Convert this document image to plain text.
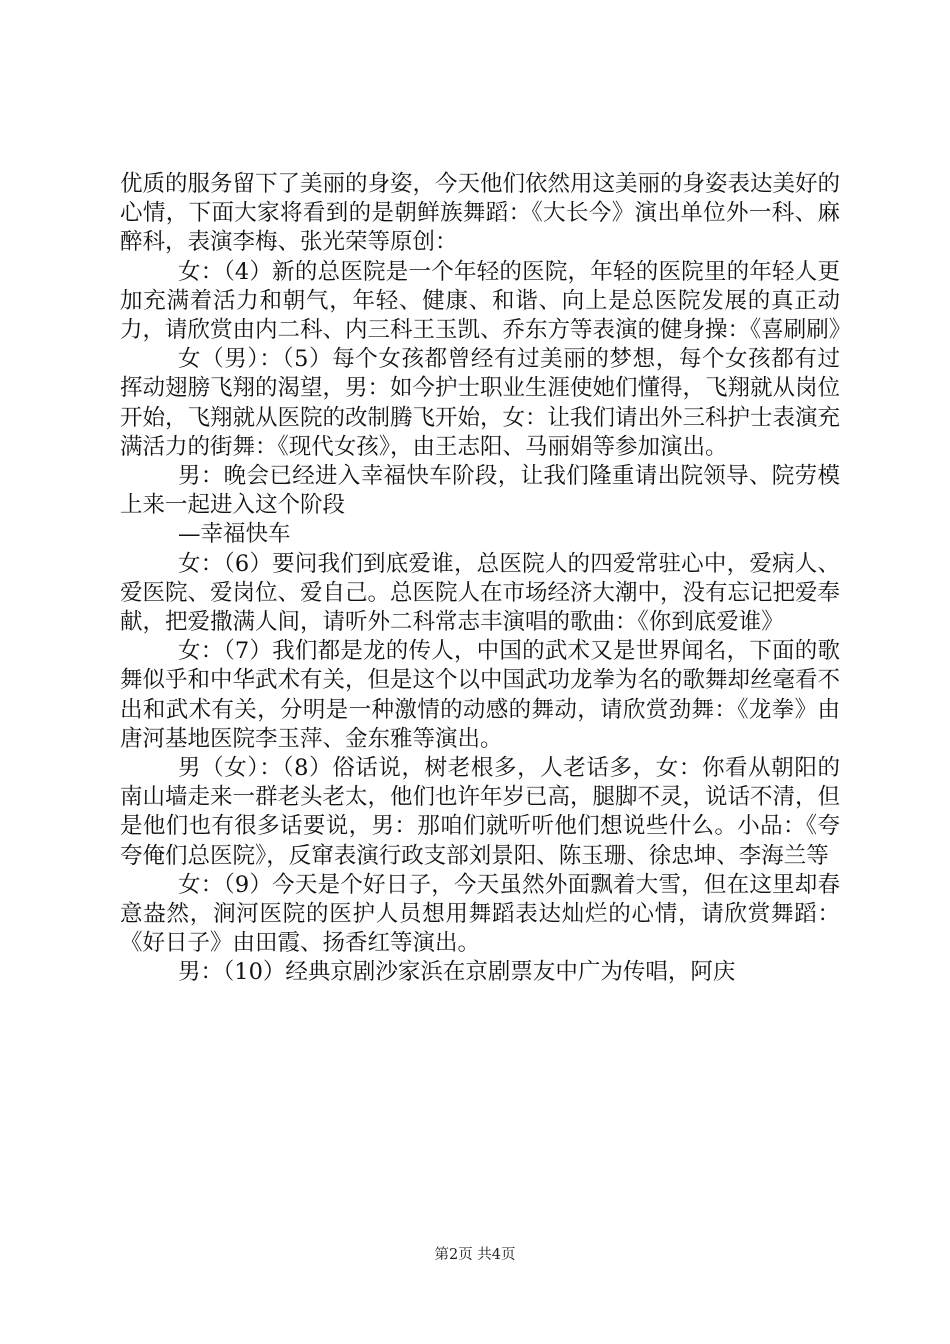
优质的服务留下了美丽的身姿，今天他们依然用这美丽的身姿表达美好的心情，下面大家将看到的是朝鲜族舞蹈：《大长今》演出单位外一科、麻醉科，表演李梅、张光荣等原创：

女：（4）新的总医院是一个年轻的医院，年轻的医院里的年轻人更加充满着活力和朝气，年轻、健康、和谐、向上是总医院发展的真正动力，请欣赏由内二科、内三科王玉凯、乔东方等表演的健身操：《喜刷刷》

女（男）：（5）每个女孩都曾经有过美丽的梦想，每个女孩都有过挥动翅膀飞翔的渴望，男：如今护士职业生涯使她们懂得，飞翔就从岗位开始，飞翔就从医院的改制腾飞开始，女：让我们请出外三科护士表演充满活力的街舞：《现代女孩》，由王志阳、马丽娟等参加演出。

男：晚会已经进入幸福快车阶段，让我们隆重请出院领导、院劳模上来一起进入这个阶段

—幸福快车

女：（6）要问我们到底爱谁，总医院人的四爱常驻心中，爱病人、爱医院、爱岗位、爱自己。总医院人在市场经济大潮中，没有忘记把爱奉献，把爱撒满人间，请听外二科常志丰演唱的歌曲：《你到底爱谁》

女：（7）我们都是龙的传人，中国的武术又是世界闻名，下面的歌舞似乎和中华武术有关，但是这个以中国武功龙拳为名的歌舞却丝毫看不出和武术有关，分明是一种激情的动感的舞动，请欣赏劲舞：《龙拳》由唐河基地医院李玉萍、金东雅等演出。

男（女）：（8）俗话说，树老根多，人老话多，女：你看从朝阳的南山墙走来一群老头老太，他们也许年岁已高，腿脚不灵，说话不清，但是他们也有很多话要说，男：那咱们就听听他们想说些什么。小品：《夸夸俺们总医院》，反窜表演行政支部刘景阳、陈玉珊、徐忠坤、李海兰等

女：（9）今天是个好日子，今天虽然外面飘着大雪，但在这里却春意盎然，涧河医院的医护人员想用舞蹈表达灿烂的心情，请欣赏舞蹈：《好日子》由田霞、扬香红等演出。

男：（10）经典京剧沙家浜在京剧票友中广为传唱，阿庆

第2页 共4页
